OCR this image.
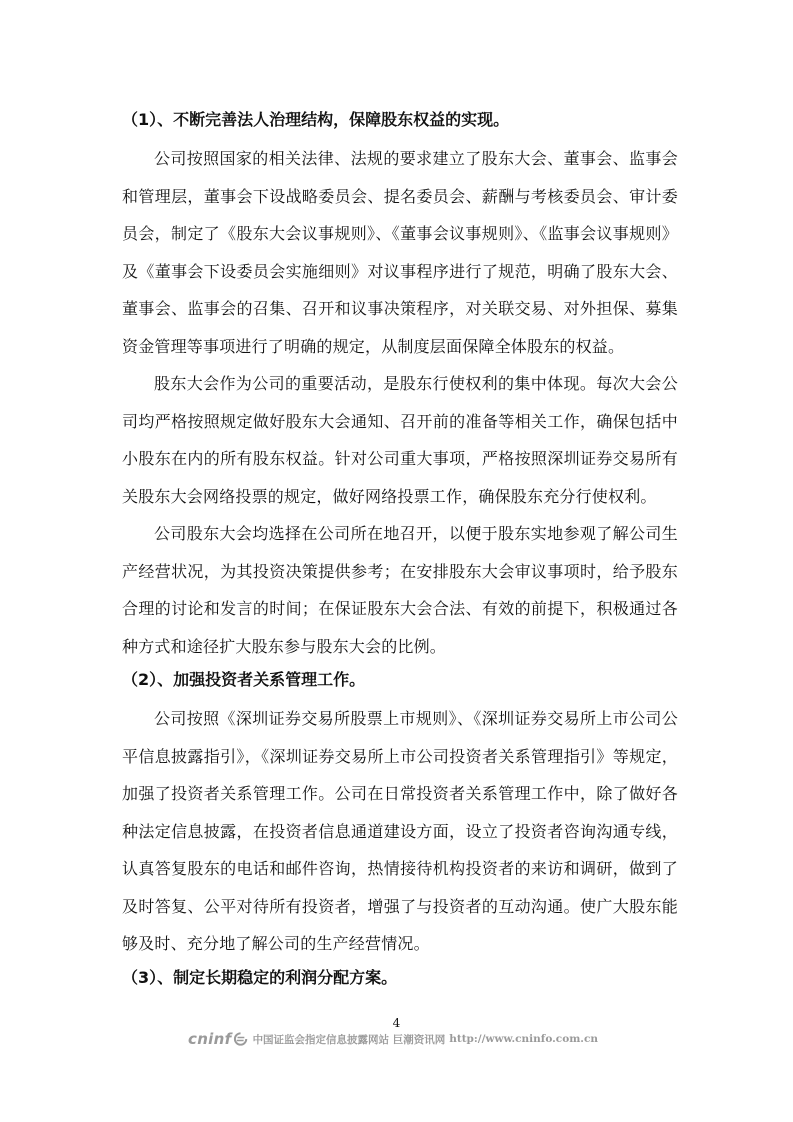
（1）、不断完善法人治理结构，保障股东权益的实现。

公司按照国家的相关法律、法规的要求建立了股东大会、董事会、监事会和管理层，董事会下设战略委员会、提名委员会、薪酬与考核委员会、审计委员会，制定了《股东大会议事规则》、《董事会议事规则》、《监事会议事规则》及《董事会下设委员会实施细则》对议事程序进行了规范，明确了股东大会、董事会、监事会的召集、召开和议事决策程序，对关联交易、对外担保、募集资金管理等事项进行了明确的规定，从制度层面保障全体股东的权益。

股东大会作为公司的重要活动，是股东行使权利的集中体现。每次大会公司均严格按照规定做好股东大会通知、召开前的准备等相关工作，确保包括中小股东在内的所有股东权益。针对公司重大事项，严格按照深圳证券交易所有关股东大会网络投票的规定，做好网络投票工作，确保股东充分行使权利。

公司股东大会均选择在公司所在地召开，以便于股东实地参观了解公司生产经营状况，为其投资决策提供参考；在安排股东大会审议事项时，给予股东合理的讨论和发言的时间；在保证股东大会合法、有效的前提下，积极通过各种方式和途径扩大股东参与股东大会的比例。

（2）、加强投资者关系管理工作。

公司按照《深圳证券交易所股票上市规则》、《深圳证券交易所上市公司公平信息披露指引》，《深圳证券交易所上市公司投资者关系管理指引》等规定，加强了投资者关系管理工作。公司在日常投资者关系管理工作中，除了做好各种法定信息披露，在投资者信息通道建设方面，设立了投资者咨询沟通专线，认真答复股东的电话和邮件咨询，热情接待机构投资者的来访和调研，做到了及时答复、公平对待所有投资者，增强了与投资者的互动沟通。使广大股东能够及时、充分地了解公司的生产经营情况。

（3）、制定长期稳定的利润分配方案。

4

cninf 中国证监会指定信息披露网站 巨潮资讯网 http://www.cninfo.com.cn
